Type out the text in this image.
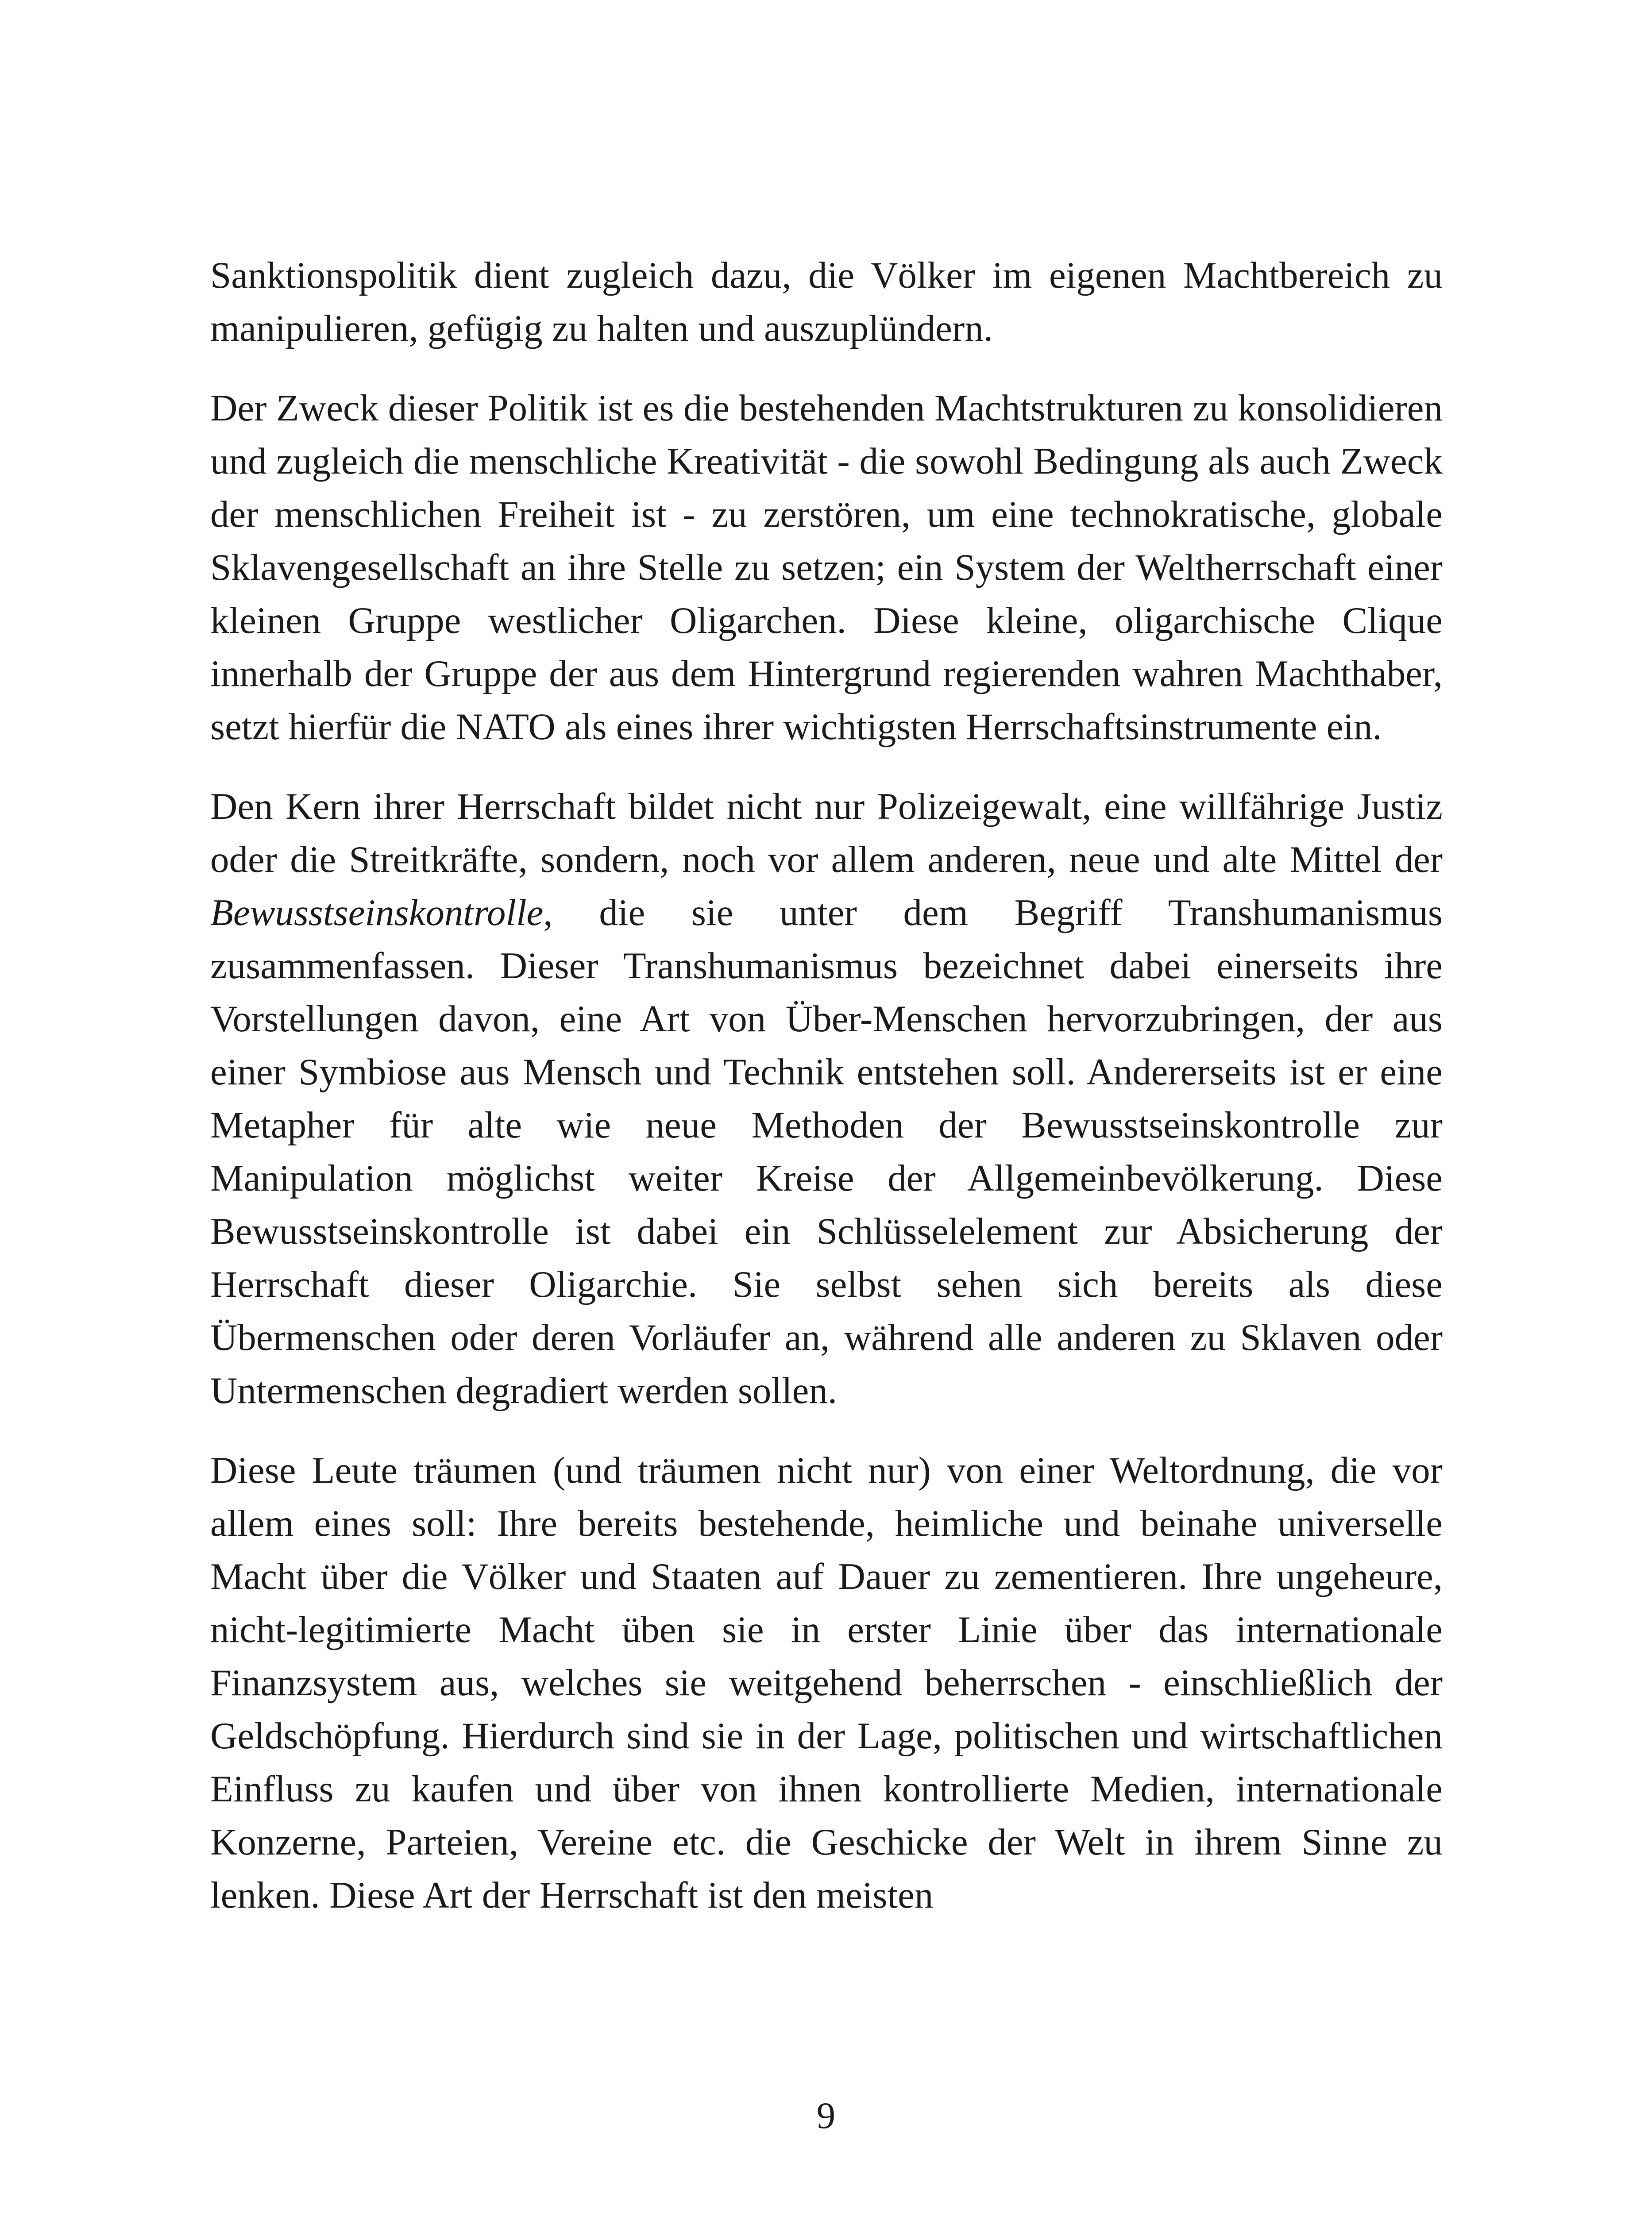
Sanktionspolitik dient zugleich dazu, die Völker im eigenen Machtbereich zu manipulieren, gefügig zu halten und auszuplündern.

Der Zweck dieser Politik ist es die bestehenden Machtstrukturen zu konsolidieren und zugleich die menschliche Kreativität - die sowohl Bedingung als auch Zweck der menschlichen Freiheit ist - zu zerstören, um eine technokratische, globale Sklavengesellschaft an ihre Stelle zu setzen; ein System der Weltherrschaft einer kleinen Gruppe westlicher Oligarchen. Diese kleine, oligarchische Clique innerhalb der Gruppe der aus dem Hintergrund regierenden wahren Machthaber, setzt hierfür die NATO als eines ihrer wichtigsten Herrschaftsinstrumente ein.

Den Kern ihrer Herrschaft bildet nicht nur Polizeigewalt, eine willfährige Justiz oder die Streitkräfte, sondern, noch vor allem anderen, neue und alte Mittel der Bewusstseinskontrolle, die sie unter dem Begriff Transhumanismus zusammenfassen. Dieser Transhumanismus bezeichnet dabei einerseits ihre Vorstellungen davon, eine Art von Über-Menschen hervorzubringen, der aus einer Symbiose aus Mensch und Technik entstehen soll. Andererseits ist er eine Metapher für alte wie neue Methoden der Bewusstseinskontrolle zur Manipulation möglichst weiter Kreise der Allgemeinbevölkerung. Diese Bewusstseinskontrolle ist dabei ein Schlüsselelement zur Absicherung der Herrschaft dieser Oligarchie. Sie selbst sehen sich bereits als diese Übermenschen oder deren Vorläufer an, während alle anderen zu Sklaven oder Untermenschen degradiert werden sollen.

Diese Leute träumen (und träumen nicht nur) von einer Weltordnung, die vor allem eines soll: Ihre bereits bestehende, heimliche und beinahe universelle Macht über die Völker und Staaten auf Dauer zu zementieren. Ihre ungeheure, nicht-legitimierte Macht üben sie in erster Linie über das internationale Finanzsystem aus, welches sie weitgehend beherrschen - einschließlich der Geldschöpfung. Hierdurch sind sie in der Lage, politischen und wirtschaftlichen Einfluss zu kaufen und über von ihnen kontrollierte Medien, internationale Konzerne, Parteien, Vereine etc. die Geschicke der Welt in ihrem Sinne zu lenken. Diese Art der Herrschaft ist den meisten

9
